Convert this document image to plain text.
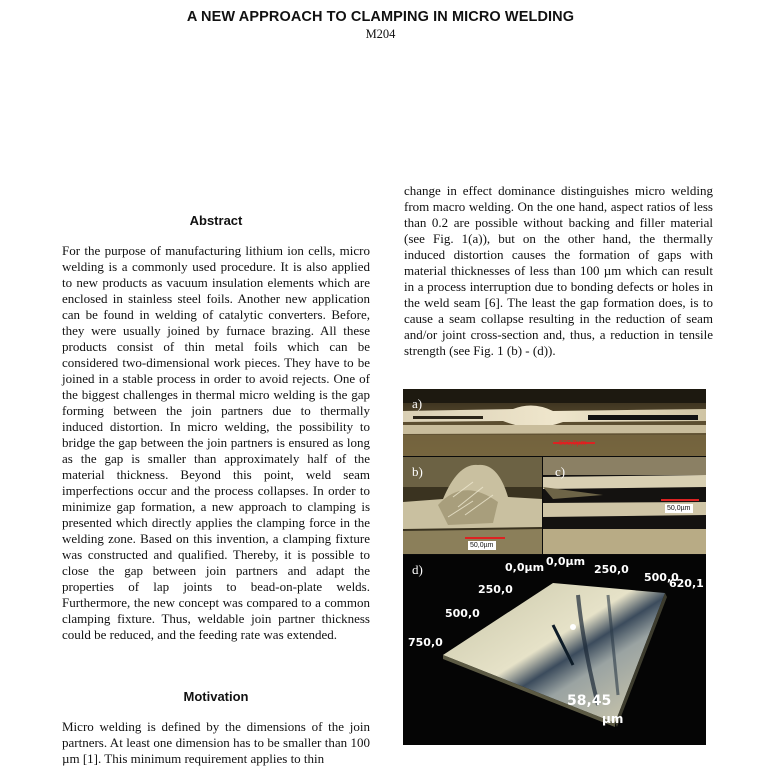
A NEW APPROACH TO CLAMPING IN MICRO WELDING
M204
Abstract

For the purpose of manufacturing lithium ion cells, micro welding is a commonly used procedure. It is also applied to new products as vacuum insulation elements which are enclosed in stainless steel foils. Another new application can be found in welding of catalytic converters. Before, they were usually joined by furnace brazing. All these products consist of thin metal foils which can be considered two-dimensional work pieces. They have to be joined in a stable process in order to avoid rejects. One of the biggest challenges in thermal micro welding is the gap forming between the join partners due to thermally induced distortion. In micro welding, the possibility to bridge the gap between the join partners is ensured as long as the gap is smaller than approximately half of the material thickness. Beyond this point, weld seam imperfections occur and the process collapses. In order to minimize gap formation, a new approach to clamping is presented which directly applies the clamping force in the welding zone. Based on this invention, a clamping fixture was constructed and qualified. Thereby, it is possible to close the gap between join partners and adapt the properties of lap joints to bead-on-plate welds. Furthermore, the new concept was compared to a common clamping fixture. Thus, weldable join partner thickness could be reduced, and the feeding rate was extended.

Motivation

Micro welding is defined by the dimensions of the join partners. At least one dimension has to be smaller than 100 µm [1]. This minimum requirement applies to thin

change in effect dominance distinguishes micro welding from macro welding. On the one hand, aspect ratios of less than 0.2 are possible without backing and filler material (see Fig. 1(a)), but on the other hand, the thermally induced distortion causes the formation of gaps with material thicknesses of less than 100 µm which can result in a process interruption due to bonding defects or holes in the weld seam [6]. The least the gap formation does, is to cause a seam collapse resulting in the reduction of seam and/or joint cross-section and, thus, a reduction in tensile strength (see Fig. 1 (b) - (d)).

a)
500,0µm
b)
50,0µm
c)
50,0µm
d)	0,0µm 0,0µm
250,0
500,0
620,1
250,0
500,0
750,0
58,45
µm
